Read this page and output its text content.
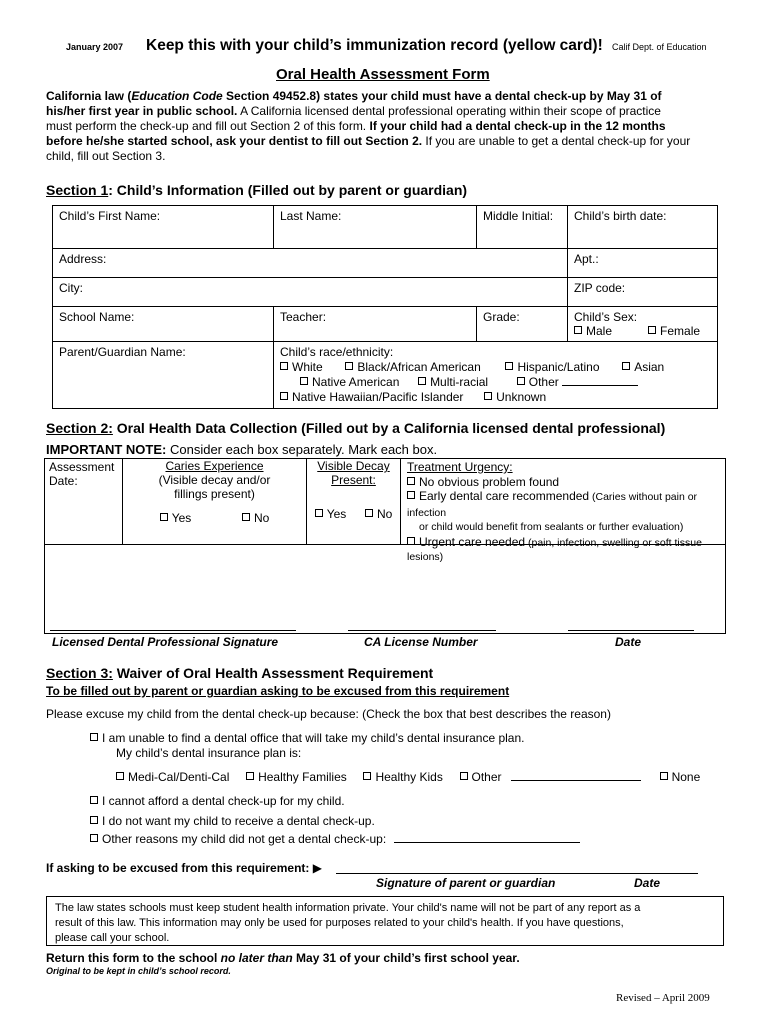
January 2007 Keep this with your child’s immunization record (yellow card)! Calif Dept. of Education
Oral Health Assessment Form
California law (Education Code Section 49452.8) states your child must have a dental check-up by May 31 of
his/her first year in public school. A California licensed dental professional operating within their scope of practice
must perform the check-up and fill out Section 2 of this form. If your child had a dental check-up in the 12 months
before he/she started school, ask your dentist to fill out Section 2. If you are unable to get a dental check-up for your
child, fill out Section 3.
Section 1: Child’s Information (Filled out by parent or guardian)
Child’s First Name:	Last Name:	Middle Initial:	Child’s birth date:
Address:			Apt.:
City:			ZIP code:
School Name:	Teacher:	Grade:	Child’s Sex:
Male Female

Parent/Guardian Name:	Child’s race/ethnicity:
White Black/African American Hispanic/Latino Asian
Native American Multi-racial Other
Native Hawaiian/Pacific Islander Unknown		
Section 2: Oral Health Data Collection (Filled out by a California licensed dental professional)
IMPORTANT NOTE: Consider each box separately. Mark each box.
Assessment
Date:
Caries Experience
(Visible decay and/or
fillings present)
Yes	No
Visible Decay
Present:
Yes	No
Treatment Urgency:
No obvious problem found
Early dental care recommended (Caries without pain or infection
or child would benefit from sealants or further evaluation)
Urgent care needed (pain, infection, swelling or soft tissue
lesions)
Licensed Dental Professional Signature	CA License Number	Date
Section 3: Waiver of Oral Health Assessment Requirement
To be filled out by parent or guardian asking to be excused from this requirement
Please excuse my child from the dental check-up because: (Check the box that best describes the reason)
I am unable to find a dental office that will take my child’s dental insurance plan.
My child’s dental insurance plan is:
Medi-Cal/Denti-Cal Healthy Families Healthy Kids Other	None
I cannot afford a dental check-up for my child.
I do not want my child to receive a dental check-up.
Other reasons my child did not get a dental check-up:
If asking to be excused from this requirement: ▶
Signature of parent or guardian	Date
The law states schools must keep student health information private. Your child's name will not be part of any report as a
result of this law. This information may only be used for purposes related to your child's health. If you have questions,
please call your school.
Return this form to the school no later than May 31 of your child’s first school year.
Original to be kept in child’s school record.
Revised – April 2009
